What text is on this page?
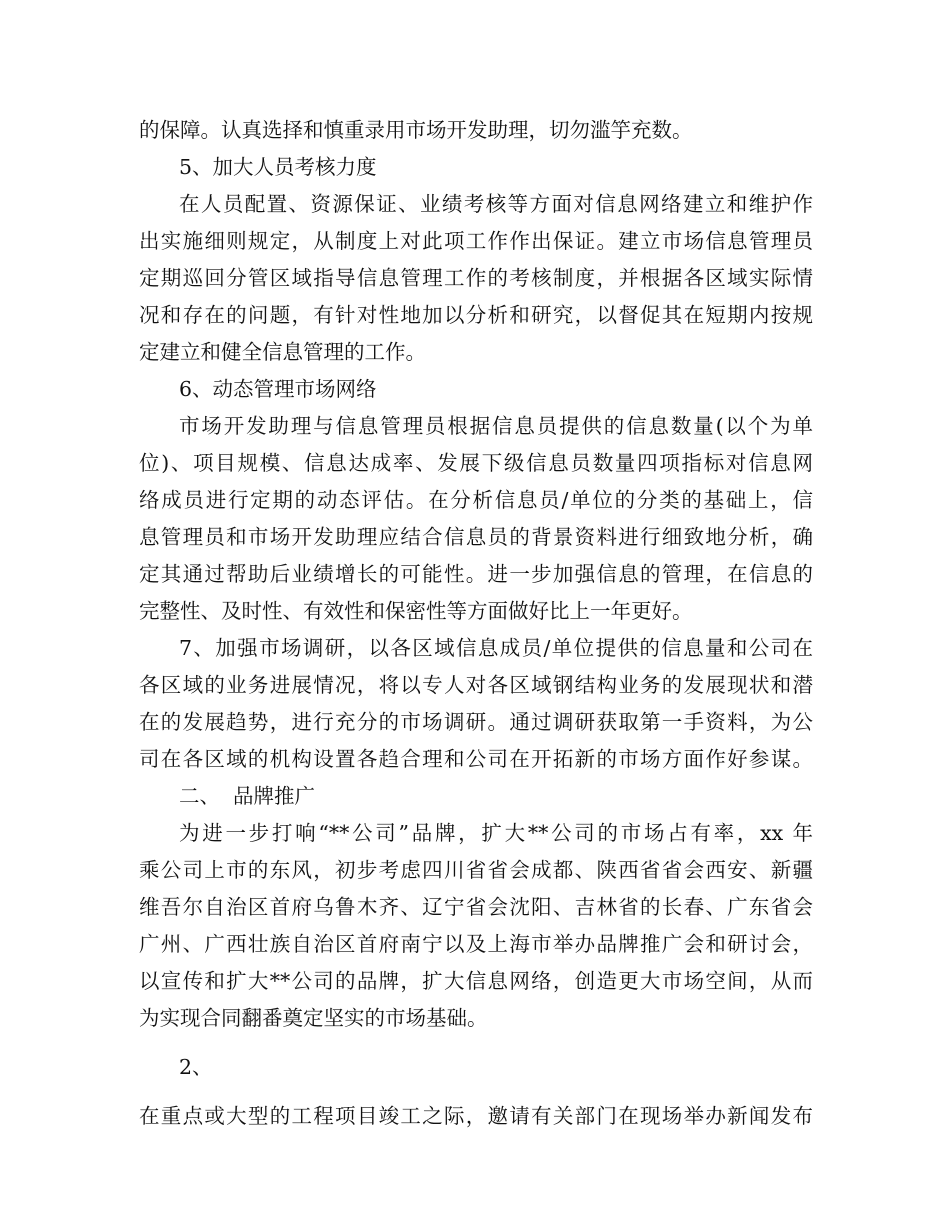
的保障。认真选择和慎重录用市场开发助理，切勿滥竽充数。
5、加大人员考核力度
在人员配置、资源保证、业绩考核等方面对信息网络建立和维护作
出实施细则规定，从制度上对此项工作作出保证。建立市场信息管理员
定期巡回分管区域指导信息管理工作的考核制度，并根据各区域实际情
况和存在的问题，有针对性地加以分析和研究，以督促其在短期内按规
定建立和健全信息管理的工作。
6、动态管理市场网络
市场开发助理与信息管理员根据信息员提供的信息数量(以个为单
位)、项目规模、信息达成率、发展下级信息员数量四项指标对信息网
络成员进行定期的动态评估。在分析信息员/单位的分类的基础上，信
息管理员和市场开发助理应结合信息员的背景资料进行细致地分析，确
定其通过帮助后业绩增长的可能性。进一步加强信息的管理，在信息的
完整性、及时性、有效性和保密性等方面做好比上一年更好。
7、加强市场调研，以各区域信息成员/单位提供的信息量和公司在
各区域的业务进展情况，将以专人对各区域钢结构业务的发展现状和潜
在的发展趋势，进行充分的市场调研。通过调研获取第一手资料，为公
司在各区域的机构设置各趋合理和公司在开拓新的市场方面作好参谋。
二、  品牌推广
为进一步打响“**公司”品牌，扩大**公司的市场占有率，xx 年
乘公司上市的东风，初步考虑四川省省会成都、陕西省省会西安、新疆
维吾尔自治区首府乌鲁木齐、辽宁省会沈阳、吉林省的长春、广东省会
广州、广西壮族自治区首府南宁以及上海市举办品牌推广会和研讨会，
以宣传和扩大**公司的品牌，扩大信息网络，创造更大市场空间，从而
为实现合同翻番奠定坚实的市场基础。
2、
在重点或大型的工程项目竣工之际，邀请有关部门在现场举办新闻发布
